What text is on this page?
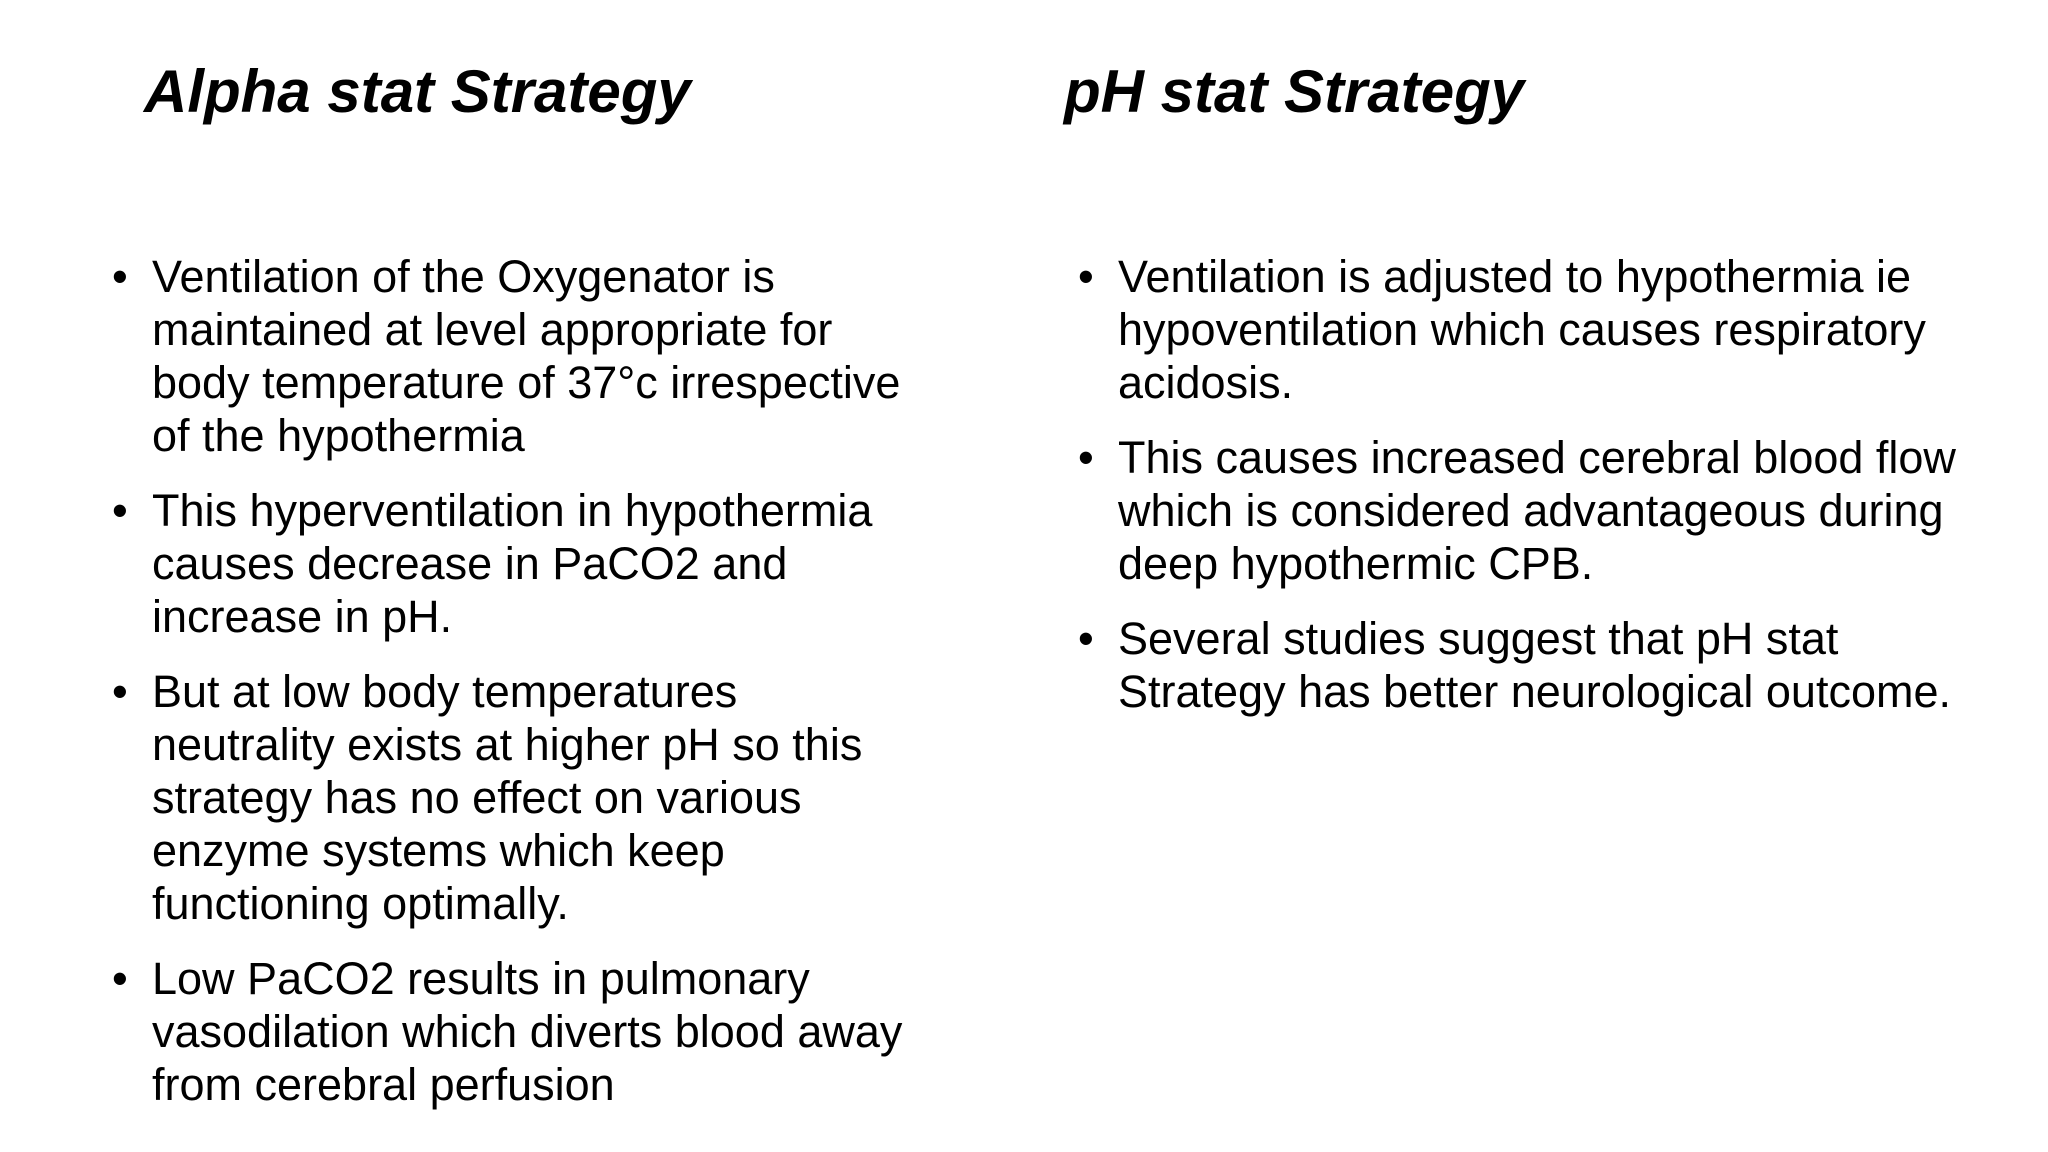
Alpha stat Strategy	pH stat Strategy
• Ventilation of the Oxygenator is maintained at level appropriate for body temperature of 37°c irrespective of the hypothermia
• This hyperventilation in hypothermia causes decrease in PaCO2 and increase in pH.
• But at low body temperatures neutrality exists at higher pH so this strategy has no effect on various enzyme systems which keep functioning optimally.
• Low PaCO2 results in pulmonary vasodilation which diverts blood away from cerebral perfusion
• Ventilation is adjusted to hypothermia ie hypoventilation which causes respiratory acidosis.
• This causes increased cerebral blood flow which is considered advantageous during deep hypothermic CPB.
• Several studies suggest that pH stat Strategy has better neurological outcome.
